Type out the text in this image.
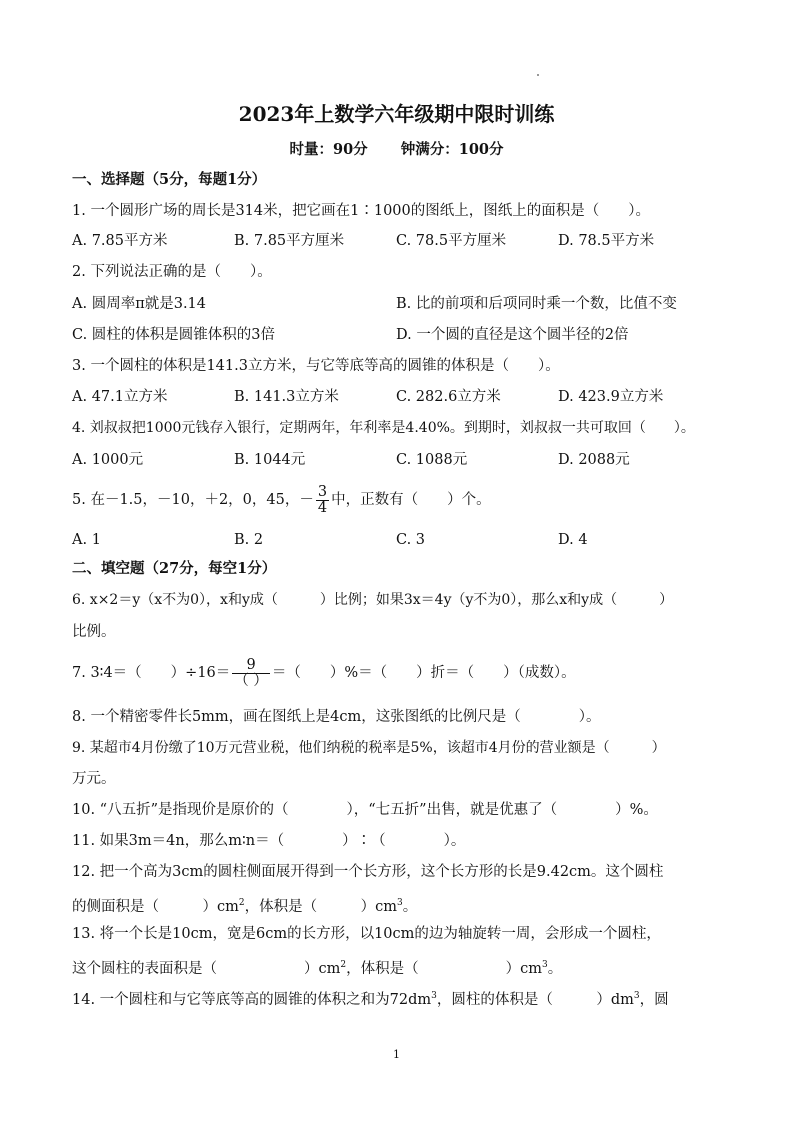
2023年上数学六年级期中限时训练
时量：90分 钟满分：100分
一、选择题（5分，每题1分）
1. 一个圆形广场的周长是314米，把它画在1∶1000的图纸上，图纸上的面积是（　　）。
A. 7.85平方米	B. 7.85平方厘米	C. 78.5平方厘米	D. 78.5平方米
2. 下列说法正确的是（　　）。
A. 圆周率π就是3.14	B. 比的前项和后项同时乘一个数，比值不变
C. 圆柱的体积是圆锥体积的3倍	D. 一个圆的直径是这个圆半径的2倍
3. 一个圆柱的体积是141.3立方米，与它等底等高的圆锥的体积是（　　）。
A. 47.1立方米	B. 141.3立方米	C. 282.6立方米	D. 423.9立方米
4. 刘叔叔把1000元钱存入银行，定期两年，年利率是4.40%。到期时，刘叔叔一共可取回（　　）。
A. 1000元	B. 1044元	C. 1088元	D. 2088元
5. 在－1.5，－10，＋2，0，45，－ $\frac{3}{4}$ 中，正数有（　　）个。
A. 1	B. 2	C. 3	D. 4
二、填空题（27分，每空1分）
6. x×2＝y（x不为0），x和y成（　　　）比例；如果3x＝4y（y不为0），那么x和y成（　　　）
比例。
7. 3∶4＝（　　）$\div 16= \frac{9}{( )}$ ＝（　　）%＝（　　）折＝（　　）（成数）。
8. 一个精密零件长5mm，画在图纸上是4cm，这张图纸的比例尺是（　　　　）。
9. 某超市4月份缴了10万元营业税，他们纳税的税率是5%，该超市4月份的营业额是（　　　）
万元。
10. “八五折”是指现价是原价的（　　　　），“七五折”出售，就是优惠了（　　　　）%。
11. 如果3m＝4n，那么m∶n＝（　　　　）∶（　　　　）。
12. 把一个高为3cm的圆柱侧面展开得到一个长方形，这个长方形的长是9.42cm。这个圆柱
的侧面积是（　　　）$cm^2$，体积是（　　　）$cm^3$。
13. 将一个长是10cm，宽是6cm的长方形，以10cm的边为轴旋转一周，会形成一个圆柱，
这个圆柱的表面积是（　　　　　　）$cm^2$，体积是（　　　　　　）$cm^3$。
14. 一个圆柱和与它等底等高的圆锥的体积之和为$72dm^3$，圆柱的体积是（　　　）$dm^3$，圆
1
